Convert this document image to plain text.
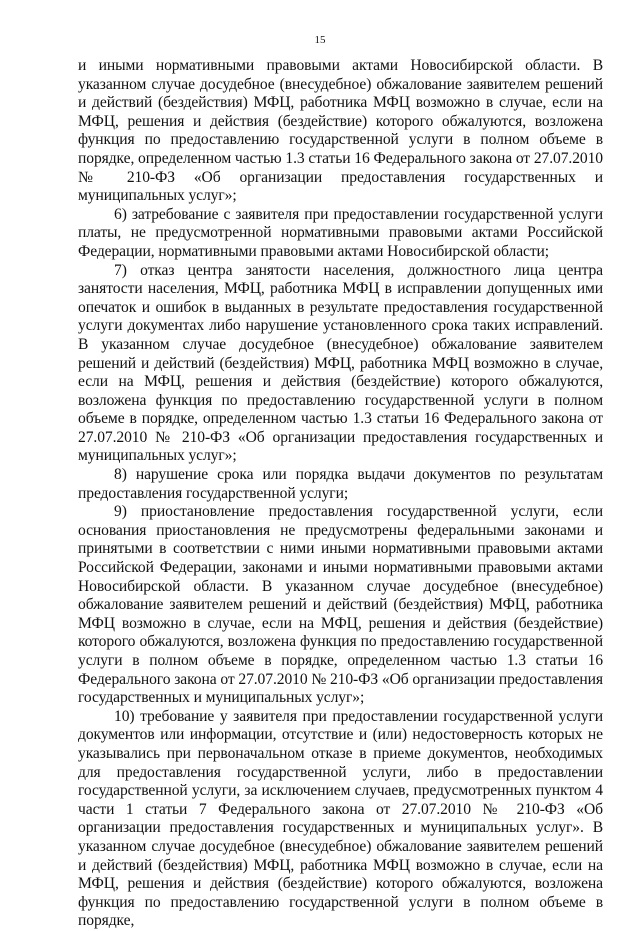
15

и иными нормативными правовыми актами Новосибирской области. В указанном случае досудебное (внесудебное) обжалование заявителем решений и действий (бездействия) МФЦ, работника МФЦ возможно в случае, если на МФЦ, решения и действия (бездействие) которого обжалуются, возложена функция по предоставлению государственной услуги в полном объеме в порядке, определенном частью 1.3 статьи 16 Федерального закона от 27.07.2010 № 210-ФЗ «Об организации предоставления государственных и муниципальных услуг»;

6) затребование с заявителя при предоставлении государственной услуги платы, не предусмотренной нормативными правовыми актами Российской Федерации, нормативными правовыми актами Новосибирской области;

7) отказ центра занятости населения, должностного лица центра занятости населения, МФЦ, работника МФЦ в исправлении допущенных ими опечаток и ошибок в выданных в результате предоставления государственной услуги документах либо нарушение установленного срока таких исправлений. В указанном случае досудебное (внесудебное) обжалование заявителем решений и действий (бездействия) МФЦ, работника МФЦ возможно в случае, если на МФЦ, решения и действия (бездействие) которого обжалуются, возложена функция по предоставлению государственной услуги в полном объеме в порядке, определенном частью 1.3 статьи 16 Федерального закона от 27.07.2010 № 210-ФЗ «Об организации предоставления государственных и муниципальных услуг»;

8) нарушение срока или порядка выдачи документов по результатам предоставления государственной услуги;

9) приостановление предоставления государственной услуги, если основания приостановления не предусмотрены федеральными законами и принятыми в соответствии с ними иными нормативными правовыми актами Российской Федерации, законами и иными нормативными правовыми актами Новосибирской области. В указанном случае досудебное (внесудебное) обжалование заявителем решений и действий (бездействия) МФЦ, работника МФЦ возможно в случае, если на МФЦ, решения и действия (бездействие) которого обжалуются, возложена функция по предоставлению государственной услуги в полном объеме в порядке, определенном частью 1.3 статьи 16 Федерального закона от 27.07.2010 № 210-ФЗ «Об организации предоставления государственных и муниципальных услуг»;

10) требование у заявителя при предоставлении государственной услуги документов или информации, отсутствие и (или) недостоверность которых не указывались при первоначальном отказе в приеме документов, необходимых для предоставления государственной услуги, либо в предоставлении государственной услуги, за исключением случаев, предусмотренных пунктом 4 части 1 статьи 7 Федерального закона от 27.07.2010 № 210-ФЗ «Об организации предоставления государственных и муниципальных услуг». В указанном случае досудебное (внесудебное) обжалование заявителем решений и действий (бездействия) МФЦ, работника МФЦ возможно в случае, если на МФЦ, решения и действия (бездействие) которого обжалуются, возложена функция по предоставлению государственной услуги в полном объеме в порядке,
